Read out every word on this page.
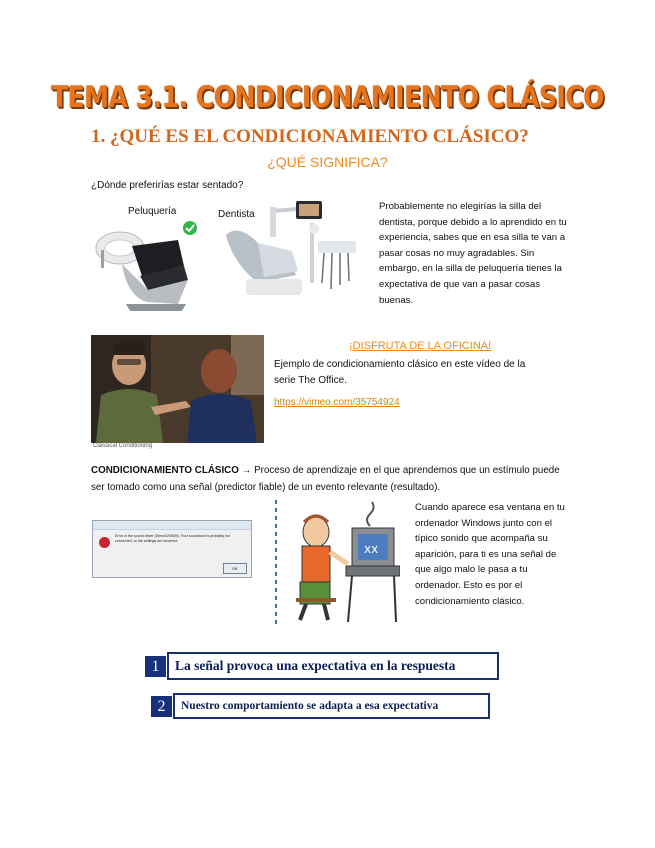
TEMA 3.1. CONDICIONAMIENTO CLÁSICO
1. ¿QUÉ ES EL CONDICIONAMIENTO CLÁSICO?
¿QUÉ SIGNIFICA?
¿Dónde preferirías estar sentado?
Peluquería	Dentista
Probablemente no elegirías la silla del dentista, porque debido a lo aprendido en tu experiencia, sabes que en esa silla te van a pasar cosas no muy agradables. Sin embargo, en la silla de peluquería tienes la expectativa de que van a pasar cosas buenas.
Classical Conditioning
¡DISFRUTA DE LA OFICINA!
Ejemplo de condicionamiento clásico en este vídeo de la serie The Office.
https://vimeo.com/35754924
CONDICIONAMIENTO CLÁSICO → Proceso de aprendizaje en el que aprendemos que un estímulo puede ser tomado como una señal (predictor fiable) de un evento relevante (resultado).
Error in the sound driver (DirectX/WDM). Your soundcard is probably not connected, or the settings are incorrect.
OK
xx
Cuando aparece esa ventana en tu ordenador Windows junto con el típico sonido que acompaña su aparición, para ti es una señal de que algo malo le pasa a tu ordenador. Esto es por el condicionamiento clásico.
1	La señal provoca una expectativa en la respuesta
2	Nuestro comportamiento se adapta a esa expectativa
